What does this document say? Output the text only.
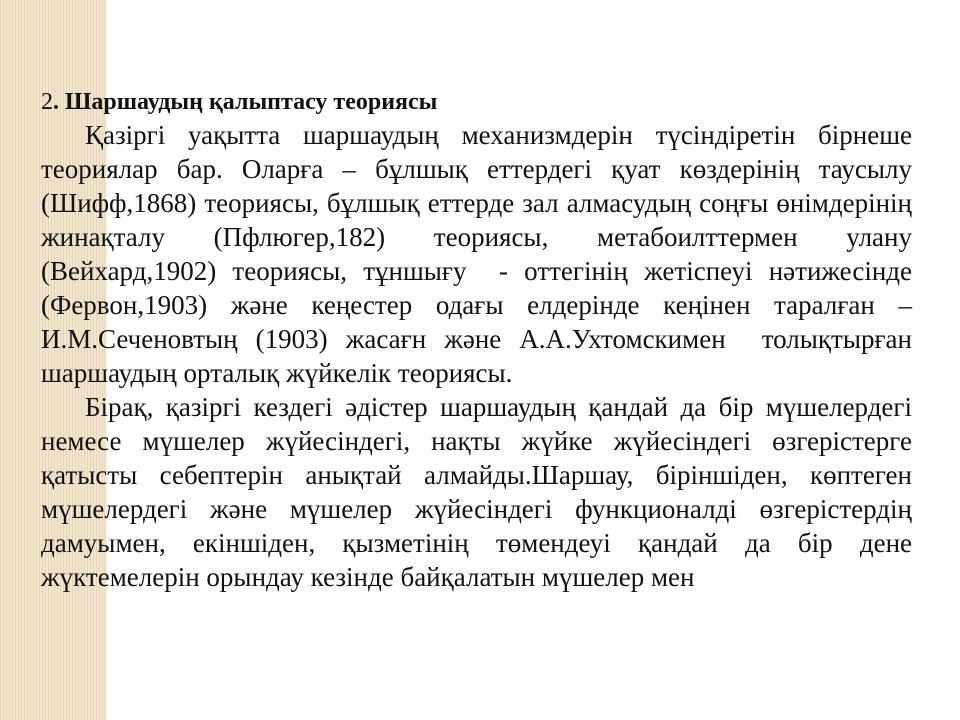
2. Шаршаудың қалыптасу теориясы

Қазіргі уақытта шаршаудың механизмдерін түсіндіретін бірнеше теориялар бар. Оларға – бұлшық еттердегі қуат көздерінің таусылу (Шифф,1868) теориясы, бұлшық еттерде зал алмасудың соңғы өнімдерінің жинақталу (Пфлюгер,182) теориясы, метабоилттермен улану (Вейхард,1902) теориясы, тұншығу  - оттегінің жетіспеуі нәтижесінде (Фервон,1903) және кеңестер одағы елдерінде кеңінен таралған – И.М.Сеченовтың (1903) жасағн және А.А.Ухтомскимен  толықтырған шаршаудың орталық жүйкелік теориясы.

Бірақ, қазіргі кездегі әдістер шаршаудың қандай да бір мүшелердегі немесе мүшелер жүйесіндегі, нақты жүйке жүйесіндегі өзгерістерге қатысты себептерін анықтай алмайды.Шаршау, біріншіден, көптеген мүшелердегі және мүшелер жүйесіндегі функционалді өзгерістердің дамуымен, екіншіден, қызметінің төмендеуі қандай да бір дене жүктемелерін орындау кезінде байқалатын мүшелер мен
